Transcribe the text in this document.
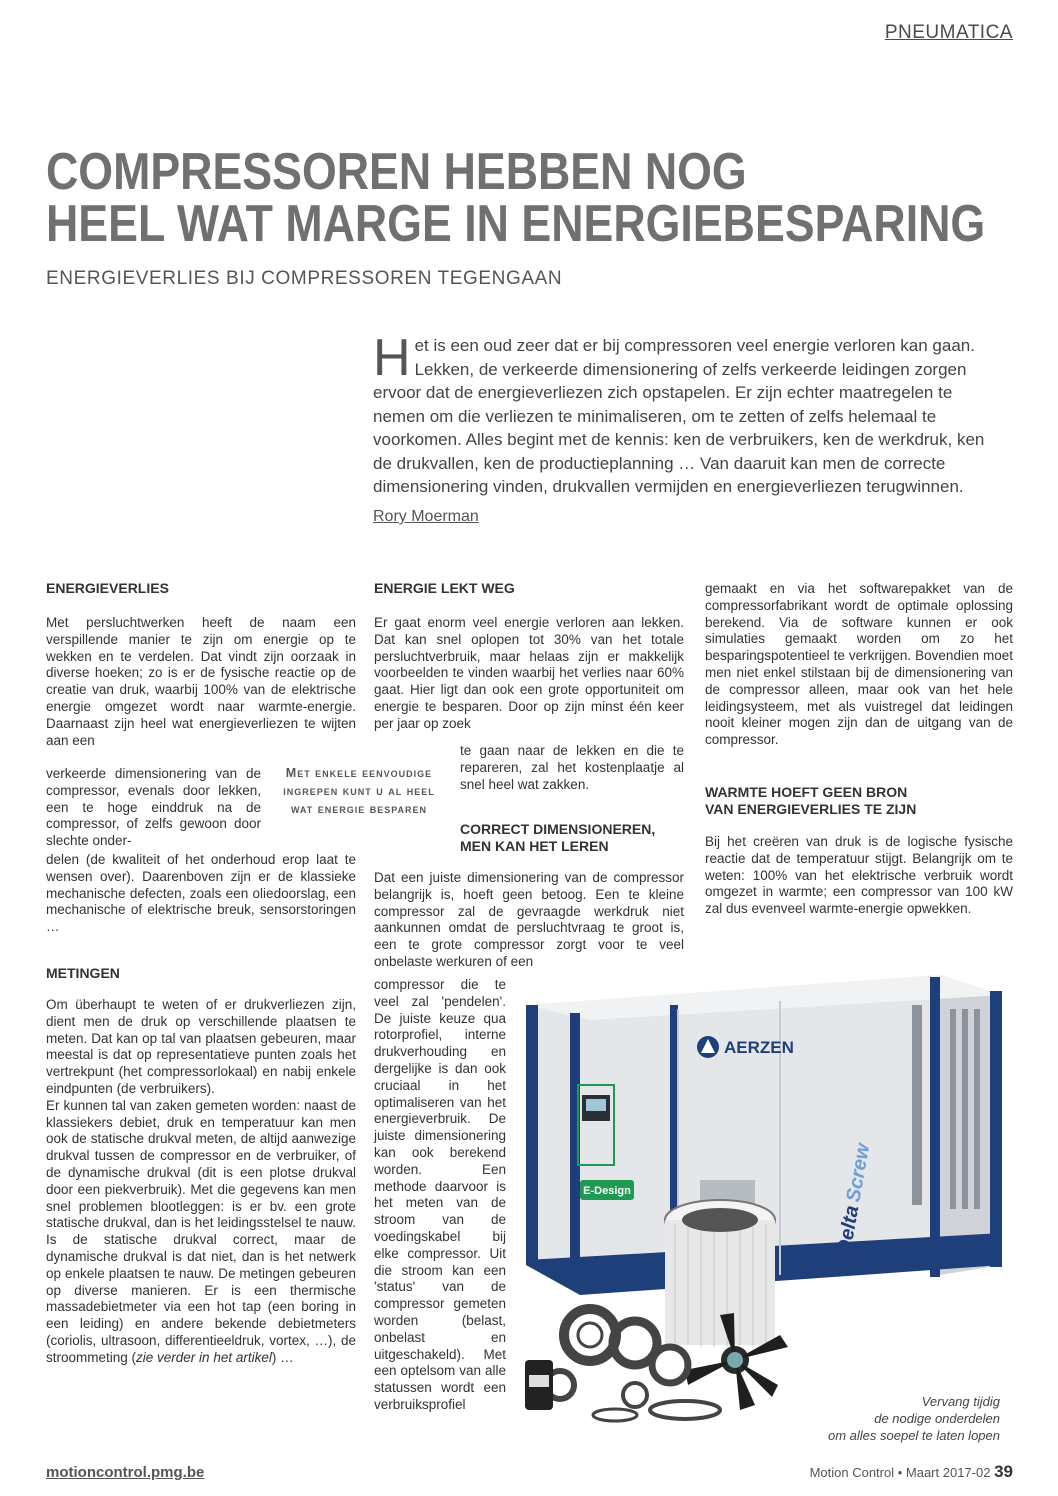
PNEUMATICA
COMPRESSOREN HEBBEN NOG
HEEL WAT MARGE IN ENERGIEBESPARING
ENERGIEVERLIES BIJ COMPRESSOREN TEGENGAAN
Het is een oud zeer dat er bij compressoren veel energie verloren kan gaan. Lekken, de verkeerde dimensionering of zelfs verkeerde leidingen zorgen ervoor dat de energieverliezen zich opstapelen. Er zijn echter maatregelen te nemen om die verliezen te minimaliseren, om te zetten of zelfs helemaal te voorkomen. Alles begint met de kennis: ken de verbruikers, ken de werkdruk, ken de drukvallen, ken de productieplanning … Van daaruit kan men de correcte dimensionering vinden, drukvallen vermijden en energieverliezen terugwinnen.
Rory Moerman
ENERGIEVERLIES

Met persluchtwerken heeft de naam een verspillende manier te zijn om energie op te wekken en te verdelen. Dat vindt zijn oorzaak in diverse hoeken; zo is er de fysische reactie op de creatie van druk, waarbij 100% van de elektrische energie omgezet wordt naar warmte-energie. Daarnaast zijn heel wat energieverliezen te wijten aan een

verkeerde dimensionering van de compressor, evenals door lekken, een te hoge einddruk na de compressor, of zelfs gewoon door slechte onder-

delen (de kwaliteit of het onderhoud erop laat te wensen over). Daarenboven zijn er de klassieke mechanische defecten, zoals een oliedoorslag, een mechanische of elektrische breuk, sensorstoringen …

Met enkele eenvoudige
ingrepen kunt u al heel
wat energie besparen
METINGEN

Om überhaupt te weten of er drukverliezen zijn, dient men de druk op verschillende plaatsen te meten. Dat kan op tal van plaatsen gebeuren, maar meestal is dat op representatieve punten zoals het vertrekpunt (het compressorlokaal) en nabij enkele eindpunten (de verbruikers).

Er kunnen tal van zaken gemeten worden: naast de klassiekers debiet, druk en temperatuur kan men ook de statische drukval meten, de altijd aanwezige drukval tussen de compressor en de verbruiker, of de dynamische drukval (dit is een plotse drukval door een piekverbruik). Met die gegevens kan men snel problemen blootleggen: is er bv. een grote statische drukval, dan is het leidingsstelsel te nauw. Is de statische drukval correct, maar de dynamische drukval is dat niet, dan is het netwerk op enkele plaatsen te nauw. De metingen gebeuren op diverse manieren. Er is een thermische massadebietmeter via een hot tap (een boring in een leiding) en andere bekende debietmeters (coriolis, ultrasoon, differentieeldruk, vortex, …), de stroommeting (zie verder in het artikel) …

ENERGIE LEKT WEG

Er gaat enorm veel energie verloren aan lekken. Dat kan snel oplopen tot 30% van het totale persluchtverbruik, maar helaas zijn er makkelijk voorbeelden te vinden waarbij het verlies naar 60% gaat. Hier ligt dan ook een grote opportuniteit om energie te besparen. Door op zijn minst één keer per jaar op zoek

te gaan naar de lekken en die te repareren, zal het kostenplaatje al snel heel wat zakken.

CORRECT DIMENSIONEREN,
MEN KAN HET LEREN

Dat een juiste dimensionering van de compressor belangrijk is, hoeft geen betoog. Een te kleine compressor zal de gevraagde werkdruk niet aankunnen omdat de persluchtvraag te groot is, een te grote compressor zorgt voor te veel onbelaste werkuren of een

compressor die te veel zal 'pendelen'. De juiste keuze qua rotorprofiel, interne drukverhouding en dergelijke is dan ook cruciaal in het optimaliseren van het energieverbruik. De juiste dimensionering kan ook berekend worden. Een methode daarvoor is het meten van de stroom van de voedingskabel bij elke compressor. Uit die stroom kan een 'status' van de compressor gemeten worden (belast, onbelast en uitgeschakeld). Met een optelsom van alle statussen wordt een verbruiksprofiel

gemaakt en via het softwarepakket van de compressorfabrikant wordt de optimale oplossing berekend. Via de software kunnen er ook simulaties gemaakt worden om zo het besparingspotentieel te verkrijgen. Bovendien moet men niet enkel stilstaan bij de dimensionering van de compressor alleen, maar ook van het hele leidingsysteem, met als vuistregel dat leidingen nooit kleiner mogen zijn dan de uitgang van de compressor.

WARMTE HOEFT GEEN BRON
VAN ENERGIEVERLIES TE ZIJN

Bij het creëren van druk is de logische fysische reactie dat de temperatuur stijgt. Belangrijk om te weten: 100% van het elektrische verbruik wordt omgezet in warmte; een compressor van 100 kW zal dus evenveel warmte-energie opwekken.

E-Design
AERZEN
DeltaScrew
Vervang tijdig
de nodige onderdelen
om alles soepel te laten lopen
motioncontrol.pmg.be	Motion Control • Maart 2017-02 39
